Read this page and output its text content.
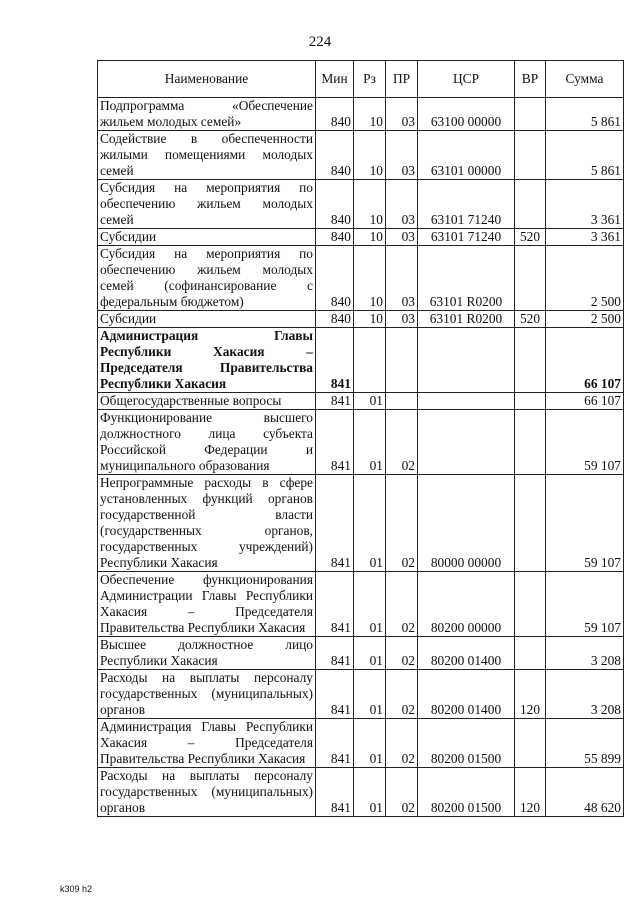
224
Наименование	Мин	Рз	ПР	ЦСР	ВР	Сумма
Подпрограмма «Обеспечение жильем молодых семей»	840	10	03	63100 00000		5 861
Содействие в обеспеченности жилыми помещениями молодых семей	840	10	03	63101 00000		5 861
Субсидия на мероприятия по обеспечению жильем молодых семей	840	10	03	63101 71240		3 361
Субсидии	840	10	03	63101 71240	520	3 361
Субсидия на мероприятия по обеспечению жильем молодых семей (софинансирование с федеральным бюджетом)	840	10	03	63101 R0200		2 500
Субсидии	840	10	03	63101 R0200	520	2 500
Администрация Главы Республики Хакасия – Председателя Правительства Республики Хакасия	841					66 107
Общегосударственные вопросы	841	01				66 107
Функционирование высшего должностного лица субъекта Российской Федерации и муниципального образования	841	01	02			59 107
Непрограммные расходы в сфере установленных функций органов государственной власти (государственных органов, государственных учреждений) Республики Хакасия	841	01	02	80000 00000		59 107
Обеспечение функционирования Администрации Главы Республики Хакасия – Председателя Правительства Республики Хакасия	841	01	02	80200 00000		59 107
Высшее должностное лицо Республики Хакасия	841	01	02	80200 01400		3 208
Расходы на выплаты персоналу государственных (муниципальных) органов	841	01	02	80200 01400	120	3 208
Администрация Главы Республики Хакасия – Председателя Правительства Республики Хакасия	841	01	02	80200 01500		55 899
Расходы на выплаты персоналу государственных (муниципальных) органов	841	01	02	80200 01500	120	48 620
k309 h2
